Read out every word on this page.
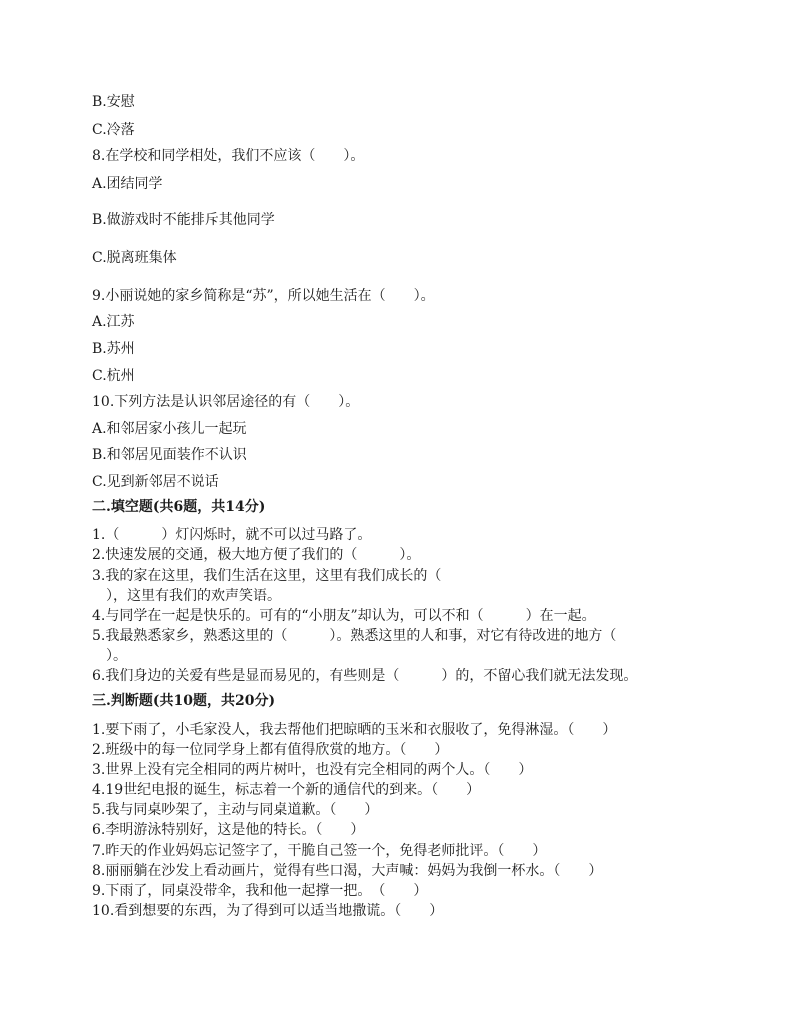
B.安慰
C.冷落
8.在学校和同学相处，我们不应该（　　）。
A.团结同学
B.做游戏时不能排斥其他同学
C.脱离班集体
9.小丽说她的家乡简称是“苏”，所以她生活在（　　）。
A.江苏
B.苏州
C.杭州
10.下列方法是认识邻居途径的有（　　）。
A.和邻居家小孩儿一起玩
B.和邻居见面装作不认识
C.见到新邻居不说话
二.填空题(共6题，共14分)
1.（　　　）灯闪烁时，就不可以过马路了。
2.快速发展的交通，极大地方便了我们的（　　　）。
3.我的家在这里，我们生活在这里，这里有我们成长的（
），这里有我们的欢声笑语。
4.与同学在一起是快乐的。可有的“小朋友”却认为，可以不和（　　　）在一起。
5.我最熟悉家乡，熟悉这里的（　　　）。熟悉这里的人和事，对它有待改进的地方（
）。
6.我们身边的关爱有些是显而易见的，有些则是（　　　）的，不留心我们就无法发现。
三.判断题(共10题，共20分)
1.要下雨了，小毛家没人，我去帮他们把晾晒的玉米和衣服收了，免得淋湿。（　　）
2.班级中的每一位同学身上都有值得欣赏的地方。（　　）
3.世界上没有完全相同的两片树叶，也没有完全相同的两个人。（　　）
4.19世纪电报的诞生，标志着一个新的通信代的到来。（　　）
5.我与同桌吵架了，主动与同桌道歉。（　　）
6.李明游泳特别好，这是他的特长。（　　）
7.昨天的作业妈妈忘记签字了，干脆自己签一个，免得老师批评。（　　）
8.丽丽躺在沙发上看动画片，觉得有些口渴，大声喊：妈妈为我倒一杯水。（　　）
9.下雨了，同桌没带伞，我和他一起撑一把。　（　　）
10.看到想要的东西，为了得到可以适当地撒谎。（　　）
